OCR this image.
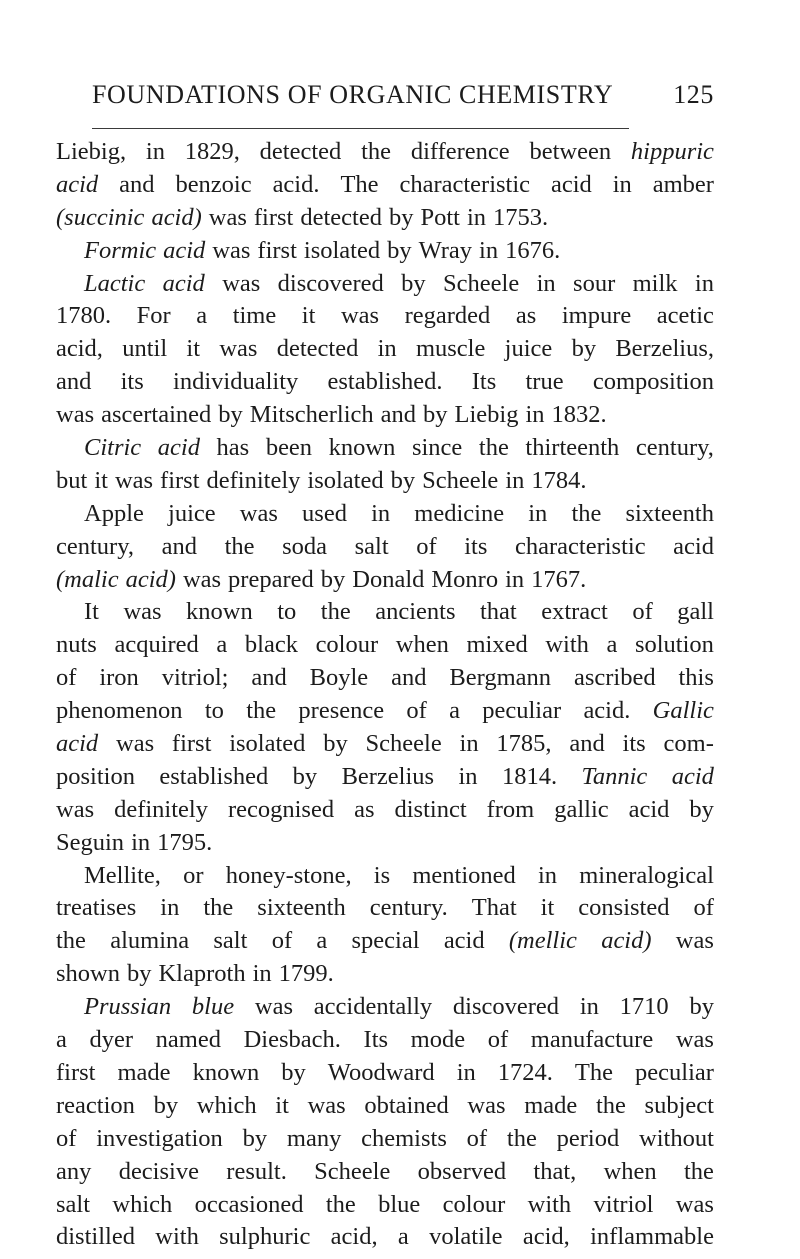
FOUNDATIONS OF ORGANIC CHEMISTRY 125
Liebig, in 1829, detected the difference between hippuric
acid and benzoic acid. The characteristic acid in amber
(succinic acid) was first detected by Pott in 1753.
Formic acid was first isolated by Wray in 1676.
Lactic acid was discovered by Scheele in sour milk in
1780. For a time it was regarded as impure acetic
acid, until it was detected in muscle juice by Berzelius,
and its individuality established. Its true composition
was ascertained by Mitscherlich and by Liebig in 1832.
Citric acid has been known since the thirteenth century,
but it was first definitely isolated by Scheele in 1784.
Apple juice was used in medicine in the sixteenth
century, and the soda salt of its characteristic acid
(malic acid) was prepared by Donald Monro in 1767.
It was known to the ancients that extract of gall
nuts acquired a black colour when mixed with a solution
of iron vitriol; and Boyle and Bergmann ascribed this
phenomenon to the presence of a peculiar acid. Gallic
acid was first isolated by Scheele in 1785, and its com-
position established by Berzelius in 1814. Tannic acid
was definitely recognised as distinct from gallic acid by
Seguin in 1795.
Mellite, or honey-stone, is mentioned in mineralogical
treatises in the sixteenth century. That it consisted of
the alumina salt of a special acid (mellic acid) was
shown by Klaproth in 1799.
Prussian blue was accidentally discovered in 1710 by
a dyer named Diesbach. Its mode of manufacture was
first made known by Woodward in 1724. The peculiar
reaction by which it was obtained was made the subject
of investigation by many chemists of the period without
any decisive result. Scheele observed that, when the
salt which occasioned the blue colour with vitriol was
distilled with sulphuric acid, a volatile acid, inflammable
